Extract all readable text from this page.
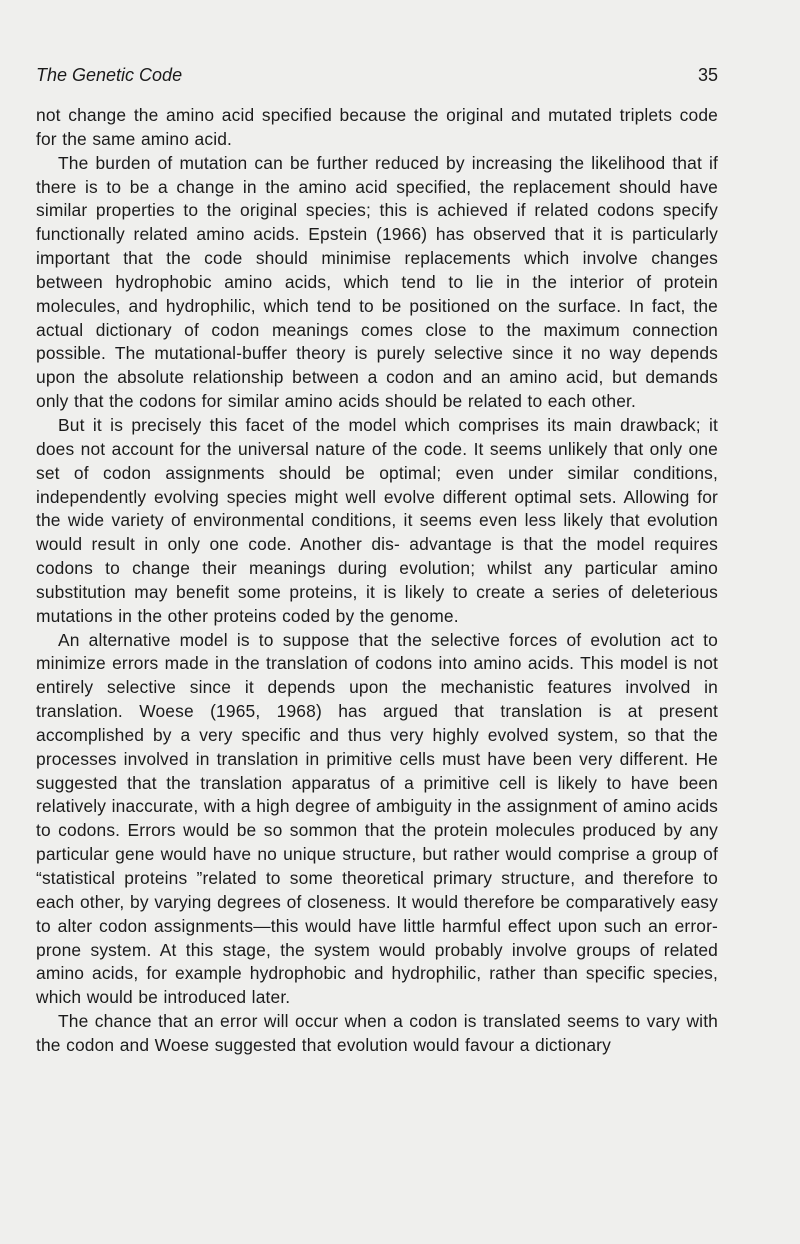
The Genetic Code	35

not change the amino acid specified because the original and mutated triplets code for the same amino acid.

The burden of mutation can be further reduced by increasing the likelihood that if there is to be a change in the amino acid specified, the replacement should have similar properties to the original species; this is achieved if related codons specify functionally related amino acids. Epstein (1966) has observed that it is particularly important that the code should minimise replacements which involve changes between hydrophobic amino acids, which tend to lie in the interior of protein molecules, and hydrophilic, which tend to be positioned on the surface. In fact, the actual dictionary of codon meanings comes close to the maximum connection possible. The mutational-buffer theory is purely selective since it no way depends upon the absolute relationship between a codon and an amino acid, but demands only that the codons for similar amino acids should be related to each other.

But it is precisely this facet of the model which comprises its main drawback; it does not account for the universal nature of the code. It seems unlikely that only one set of codon assignments should be optimal; even under similar conditions, independently evolving species might well evolve different optimal sets. Allowing for the wide variety of environmental conditions, it seems even less likely that evolution would result in only one code. Another dis- advantage is that the model requires codons to change their meanings during evolution; whilst any particular amino substitution may benefit some proteins, it is likely to create a series of deleterious mutations in the other proteins coded by the genome.

An alternative model is to suppose that the selective forces of evolution act to minimize errors made in the translation of codons into amino acids. This model is not entirely selective since it depends upon the mechanistic features involved in translation. Woese (1965, 1968) has argued that translation is at present accomplished by a very specific and thus very highly evolved system, so that the processes involved in translation in primitive cells must have been very different. He suggested that the translation apparatus of a primitive cell is likely to have been relatively inaccurate, with a high degree of ambiguity in the assignment of amino acids to codons. Errors would be so sommon that the protein molecules produced by any particular gene would have no unique structure, but rather would comprise a group of “statistical proteins ”related to some theoretical primary structure, and therefore to each other, by varying degrees of closeness. It would therefore be comparatively easy to alter codon assignments—this would have little harmful effect upon such an error-prone system. At this stage, the system would probably involve groups of related amino acids, for example hydrophobic and hydrophilic, rather than specific species, which would be introduced later.

The chance that an error will occur when a codon is translated seems to vary with the codon and Woese suggested that evolution would favour a dictionary
